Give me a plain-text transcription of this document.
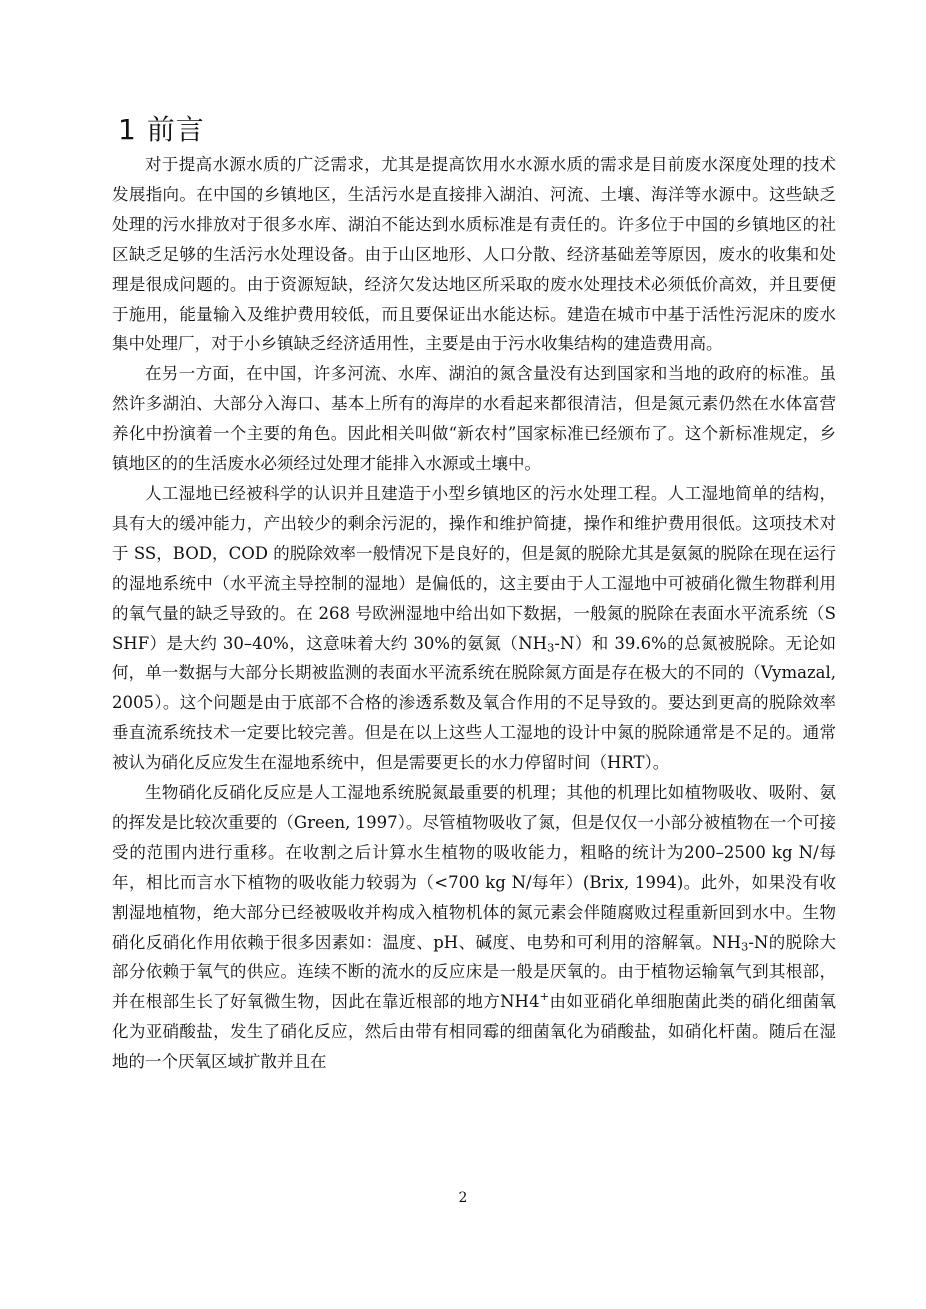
1 前言

对于提高水源水质的广泛需求，尤其是提高饮用水水源水质的需求是目前废水深度处理的技术发展指向。在中国的乡镇地区，生活污水是直接排入湖泊、河流、土壤、海洋等水源中。这些缺乏处理的污水排放对于很多水库、湖泊不能达到水质标准是有责任的。许多位于中国的乡镇地区的社区缺乏足够的生活污水处理设备。由于山区地形、人口分散、经济基础差等原因，废水的收集和处理是很成问题的。由于资源短缺，经济欠发达地区所采取的废水处理技术必须低价高效，并且要便于施用，能量输入及维护费用较低，而且要保证出水能达标。建造在城市中基于活性污泥床的废水集中处理厂，对于小乡镇缺乏经济适用性，主要是由于污水收集结构的建造费用高。

在另一方面，在中国，许多河流、水库、湖泊的氮含量没有达到国家和当地的政府的标准。虽然许多湖泊、大部分入海口、基本上所有的海岸的水看起来都很清洁，但是氮元素仍然在水体富营养化中扮演着一个主要的角色。因此相关叫做“新农村”国家标准已经颁布了。这个新标准规定，乡镇地区的的生活废水必须经过处理才能排入水源或土壤中。

人工湿地已经被科学的认识并且建造于小型乡镇地区的污水处理工程。人工湿地简单的结构，具有大的缓冲能力，产出较少的剩余污泥的，操作和维护简捷，操作和维护费用很低。这项技术对于 SS，BOD，COD 的脱除效率一般情况下是良好的，但是氮的脱除尤其是氨氮的脱除在现在运行的湿地系统中（水平流主导控制的湿地）是偏低的，这主要由于人工湿地中可被硝化微生物群利用的氧气量的缺乏导致的。在 268 号欧洲湿地中给出如下数据，一般氮的脱除在表面水平流系统（SSHF）是大约 30–40%，这意味着大约 30%的氨氮$(NH_3-N)$和 39.6%的总氮被脱除。无论如何，单一数据与大部分长期被监测的表面水平流系统在脱除氮方面是存在极大的不同的（Vymazal, 2005）。这个问题是由于底部不合格的渗透系数及氧合作用的不足导致的。要达到更高的脱除效率垂直流系统技术一定要比较完善。但是在以上这些人工湿地的设计中氮的脱除通常是不足的。通常被认为硝化反应发生在湿地系统中，但是需要更长的水力停留时间（HRT）。

生物硝化反硝化反应是人工湿地系统脱氮最重要的机理；其他的机理比如植物吸收、吸附、氨的挥发是比较次重要的（Green, 1997）。尽管植物吸收了氮，但是仅仅一小部分被植物在一个可接受的范围内进行重移。在收割之后计算水生植物的吸收能力，粗略的统计为200–2500 kg N/每年，相比而言水下植物的吸收能力较弱为（<700 kg N/每年）(Brix, 1994)。此外，如果没有收割湿地植物，绝大部分已经被吸收并构成入植物机体的氮元素会伴随腐败过程重新回到水中。生物硝化反硝化作用依赖于很多因素如：温度、pH、碱度、电势和可利用的溶解氧。$NH_3-N$的脱除大部分依赖于氧气的供应。连续不断的流水的反应床是一般是厌氧的。由于植物运输氧气到其根部，并在根部生长了好氧微生物，因此在靠近根部的地方NH4+由如亚硝化单细胞菌此类的硝化细菌氧化为亚硝酸盐，发生了硝化反应，然后由带有相同霉的细菌氧化为硝酸盐，如硝化杆菌。随后在湿地的一个厌氧区域扩散并且在

2
